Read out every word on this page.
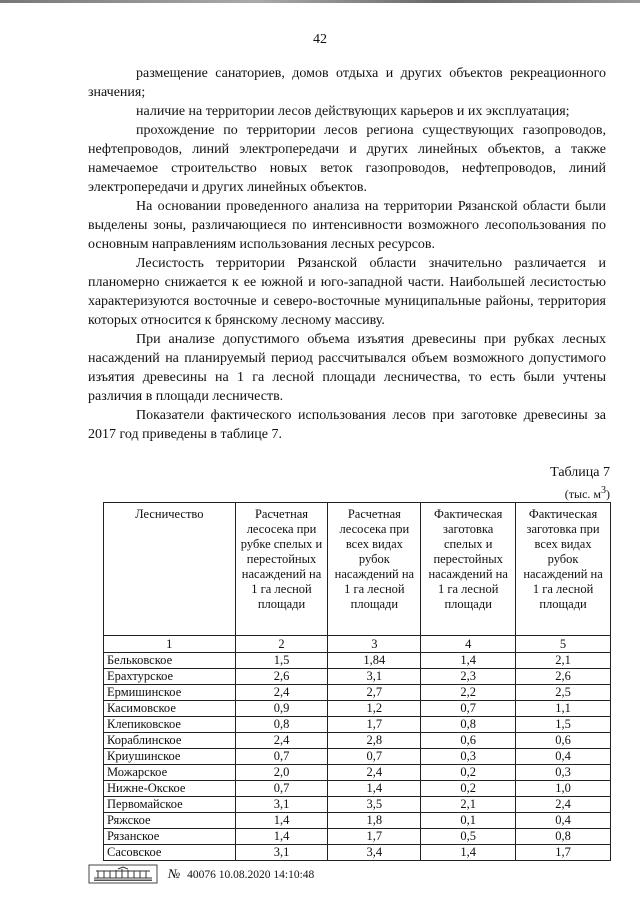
42

размещение санаториев, домов отдыха и других объектов рекреационного значения;

наличие на территории лесов действующих карьеров и их эксплуатация;

прохождение по территории лесов региона существующих газопроводов, нефтепроводов, линий электропередачи и других линейных объектов, а также намечаемое строительство новых веток газопроводов, нефтепроводов, линий электропередачи и других линейных объектов.

На основании проведенного анализа на территории Рязанской области были выделены зоны, различающиеся по интенсивности возможного лесопользования по основным направлениям использования лесных ресурсов.

Лесистость территории Рязанской области значительно различается и планомерно снижается к ее южной и юго-западной части. Наибольшей лесистостью характеризуются восточные и северо-восточные муниципальные районы, территория которых относится к брянскому лесному массиву.

При анализе допустимого объема изъятия древесины при рубках лесных насаждений на планируемый период рассчитывался объем возможного допустимого изъятия древесины на 1 га лесной площади лесничества, то есть были учтены различия в площади лесничеств.

Показатели фактического использования лесов при заготовке древесины за 2017 год приведены в таблице 7.

Таблица 7
(тыс. $м^3$)
Лесничество	Расчетная лесосека при рубке спелых и перестойных насаждений на 1 га лесной площади	Расчетная лесосека при всех видах рубок насаждений на 1 га лесной площади	Фактическая заготовка спелых и перестойных насаждений на 1 га лесной площади	Фактическая заготовка при всех видах рубок насаждений на 1 га лесной площади
1	2	3	4	5
Бельковское	1,5	1,84	1,4	2,1
Ерахтурское	2,6	3,1	2,3	2,6
Ермишинское	2,4	2,7	2,2	2,5
Касимовское	0,9	1,2	0,7	1,1
Клепиковское	0,8	1,7	0,8	1,5
Кораблинское	2,4	2,8	0,6	0,6
Криушинское	0,7	0,7	0,3	0,4
Можарское	2,0	2,4	0,2	0,3
Нижне-Окское	0,7	1,4	0,2	1,0
Первомайское	3,1	3,5	2,1	2,4
Ряжское	1,4	1,8	0,1	0,4
Рязанское	1,4	1,7	0,5	0,8
Сасовское	3,1	3,4	1,4	1,7
№ 40076 10.08.2020 14:10:48
